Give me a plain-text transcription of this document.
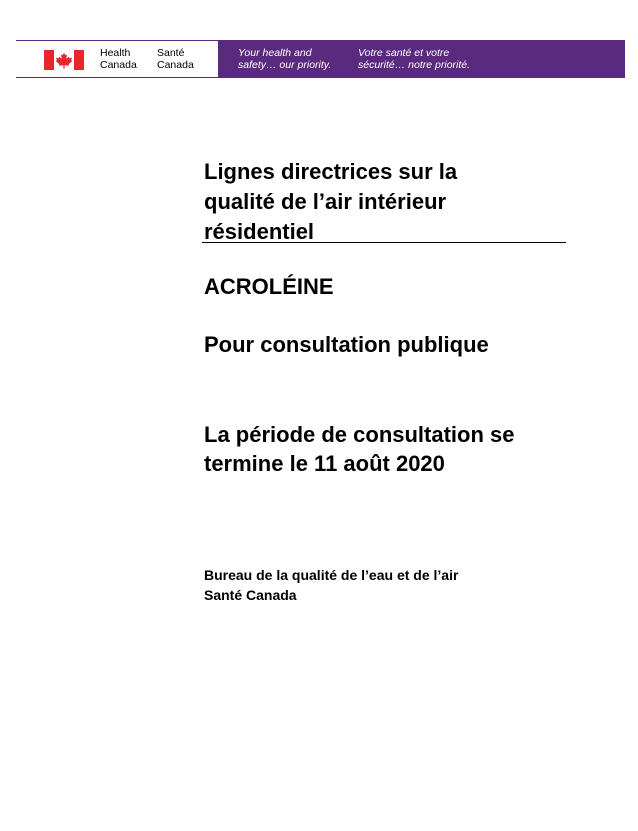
Health
Canada
Santé
Canada
Your health and
safety… our priority.
Votre santé et votre
sécurité… notre priorité.
Lignes directrices sur la
qualité de l’air intérieur
résidentiel
ACROLÉINE
Pour consultation publique
La période de consultation se
termine le 11 août 2020
Bureau de la qualité de l’eau et de l’air
Santé Canada
